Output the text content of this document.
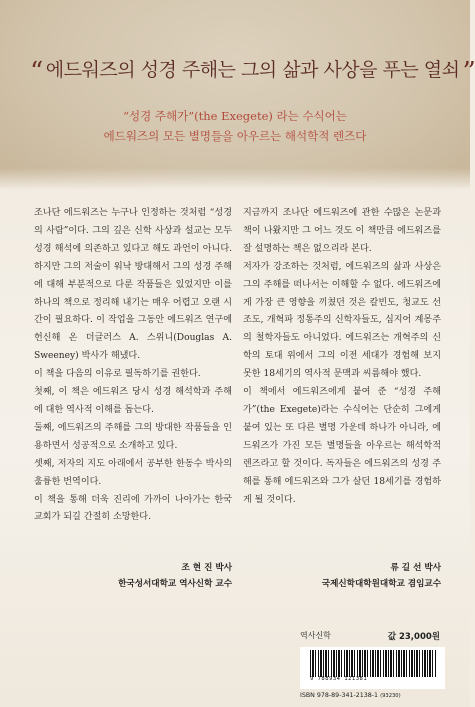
“ 에드워즈의 성경 주해는 그의 삶과 사상을 푸는 열쇠 ”
“성경 주해가”(the Exegete) 라는 수식어는
에드워즈의 모든 별명들을 아우르는 해석학적 렌즈다

조나단 에드워즈는 누구나 인정하는 것처럼 “성경의 사람”이다. 그의 깊은 신학 사상과 설교는 모두 성경 해석에 의존하고 있다고 해도 과언이 아니다. 하지만 그의 저술이 워낙 방대해서 그의 성경 주해에 대해 부분적으로 다룬 작품들은 있었지만 이를 하나의 책으로 정리해 내기는 매우 어렵고 오랜 시간이 필요하다. 이 작업을 그동안 에드워즈 연구에 헌신해 온 더글러스 A. 스위니(Douglas A. Sweeney) 박사가 해냈다.

이 책을 다음의 이유로 필독하기를 권한다.

첫째, 이 책은 에드워즈 당시 성경 해석학과 주해에 대한 역사적 이해를 돕는다.

둘째, 에드워즈의 주해를 그의 방대한 작품들을 인용하면서 성공적으로 소개하고 있다.

셋째, 저자의 지도 아래에서 공부한 한동수 박사의 훌륭한 번역이다.

이 책을 통해 더욱 진리에 가까이 나아가는 한국 교회가 되길 간절히 소망한다.

지금까지 조나단 에드워즈에 관한 수많은 논문과 책이 나왔지만 그 어느 것도 이 책만큼 에드워즈를 잘 설명하는 책은 없으리라 본다.

저자가 강조하는 것처럼, 에드워즈의 삶과 사상은 그의 주해를 떠나서는 이해할 수 없다. 에드워즈에게 가장 큰 영향을 끼쳤던 것은 칼빈도, 청교도 선조도, 개혁파 정통주의 신학자들도, 심지어 계몽주의 철학자들도 아니었다. 에드워즈는 개혁주의 신학의 토대 위에서 그의 이전 세대가 경험해 보지 못한 18세기의 역사적 문맥과 씨름해야 했다.

이 책에서 에드워즈에게 붙여 준 “성경 주해가”(the Exegete)라는 수식어는 단순히 그에게 붙여 있는 또 다른 별명 가운데 하나가 아니라, 에드워즈가 가진 모든 별명들을 아우르는 해석학적 렌즈라고 할 것이다. 독자들은 에드워즈의 성경 주해를 통해 에드워즈와 그가 살던 18세기를 경험하게 될 것이다.

조 현 진 박사
한국성서대학교 역사신학 교수
류 길 선 박사
국제신학대학원대학교 겸임교수
역사신학	값 23,000원
9 788934 121381
ISBN 978-89-341-2138-1 (93230)
